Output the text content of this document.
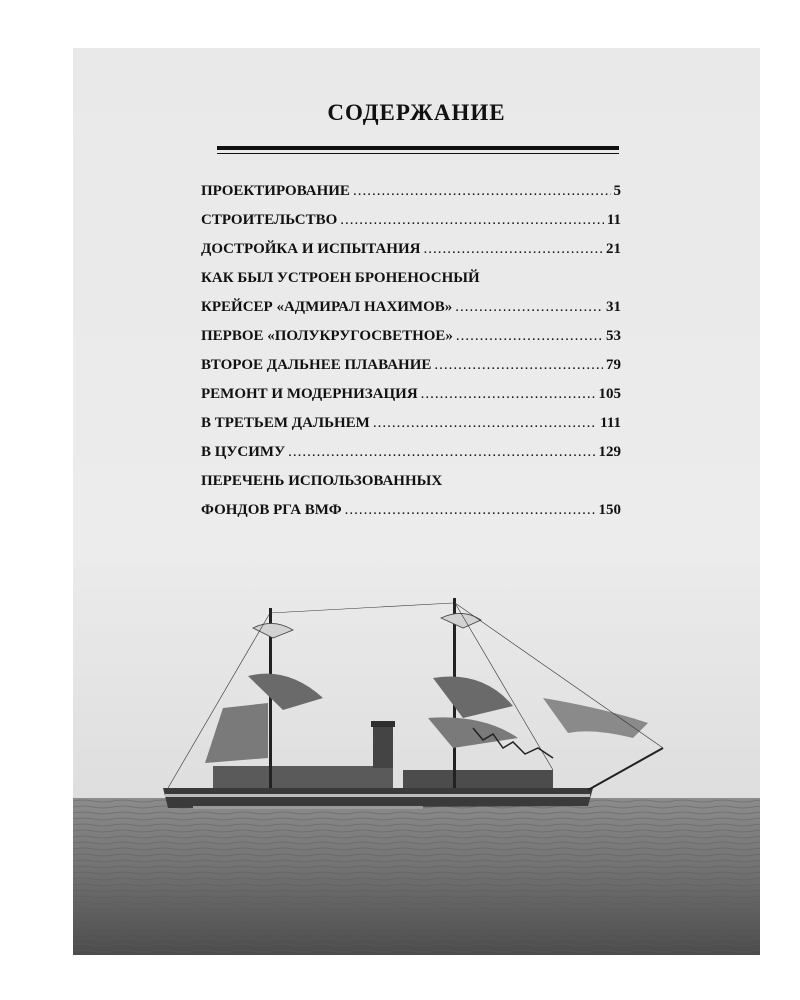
СОДЕРЖАНИЕ
ПРОЕКТИРОВАНИЕ .....	5
СТРОИТЕЛЬСТВО .....	11
ДОСТРОЙКА И ИСПЫТАНИЯ .....	21
КАК БЫЛ УСТРОЕН БРОНЕНОСНЫЙ
КРЕЙСЕР «АДМИРАЛ НАХИМОВ» .....	31
ПЕРВОЕ «ПОЛУКРУГОСВЕТНОЕ» .....	53
ВТОРОЕ ДАЛЬНЕЕ ПЛАВАНИЕ .....	79
РЕМОНТ И МОДЕРНИЗАЦИЯ .....	105
В ТРЕТЬЕМ ДАЛЬНЕМ .....	111
В ЦУСИМУ .....	129
ПЕРЕЧЕНЬ ИСПОЛЬЗОВАННЫХ
ФОНДОВ РГА ВМФ .....	150
